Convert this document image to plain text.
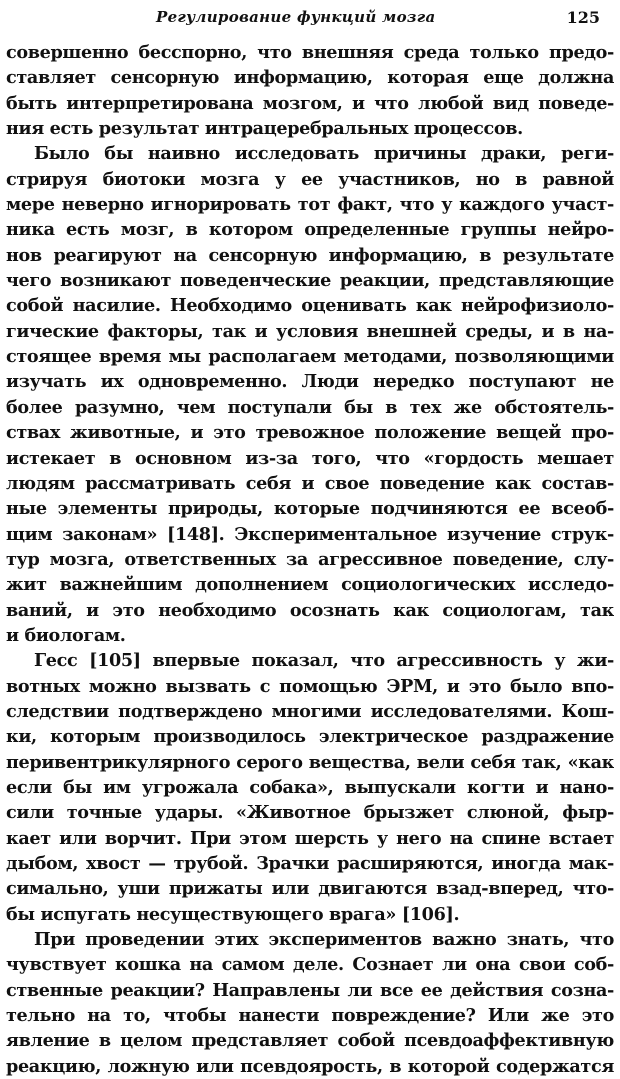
Регулирование функций мозга	125
совершенно бесспорно, что внешняя среда только предо-
ставляет сенсорную информацию, которая еще должна
быть интерпретирована мозгом, и что любой вид поведе-
ния есть результат интрацеребральных процессов.
Было бы наивно исследовать причины драки, реги-
стрируя биотоки мозга у ее участников, но в равной
мере неверно игнорировать тот факт, что у каждого участ-
ника есть мозг, в котором определенные группы нейро-
нов реагируют на сенсорную информацию, в результате
чего возникают поведенческие реакции, представляющие
собой насилие. Необходимо оценивать как нейрофизиоло-
гические факторы, так и условия внешней среды, и в на-
стоящее время мы располагаем методами, позволяющими
изучать их одновременно. Люди нередко поступают не
более разумно, чем поступали бы в тех же обстоятель-
ствах животные, и это тревожное положение вещей про-
истекает в основном из-за того, что «гордость мешает
людям рассматривать себя и свое поведение как состав-
ные элементы природы, которые подчиняются ее всеоб-
щим законам» [148]. Экспериментальное изучение струк-
тур мозга, ответственных за агрессивное поведение, слу-
жит важнейшим дополнением социологических исследо-
ваний, и это необходимо осознать как социологам, так
и биологам.
Гесс [105] впервые показал, что агрессивность у жи-
вотных можно вызвать с помощью ЭРМ, и это было впо-
следствии подтверждено многими исследователями. Кош-
ки, которым производилось электрическое раздражение
перивентрикулярного серого вещества, вели себя так, «как
если бы им угрожала собака», выпускали когти и нано-
сили точные удары. «Животное брызжет слюной, фыр-
кает или ворчит. При этом шерсть у него на спине встает
дыбом, хвост — трубой. Зрачки расширяются, иногда мак-
симально, уши прижаты или двигаются взад-вперед, что-
бы испугать несуществующего врага» [106].
При проведении этих экспериментов важно знать, что
чувствует кошка на самом деле. Сознает ли она свои соб-
ственные реакции? Направлены ли все ее действия созна-
тельно на то, чтобы нанести повреждение? Или же это
явление в целом представляет собой псевдоаффективную
реакцию, ложную или псевдоярость, в которой содержатся
